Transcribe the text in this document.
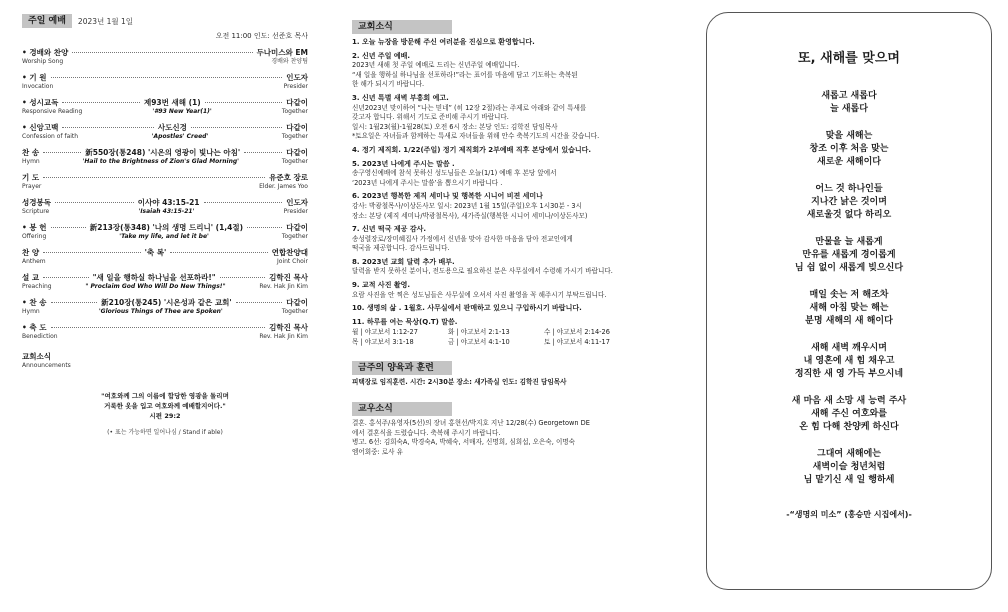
주일 예배	2023년 1월 1일
오전 11:00 인도: 선준호 목사
• 경배와 찬양	두나미스와 EM
Worship Song	경배와 찬양팀
• 기 원	인도자
Invocation	Presider
• 성시교독	제93번 새해 (1)	다같이
Responsive Reading	'#93 New Year(1)'	Together
• 신앙고백	사도신경	다같이
Confession of faith	'Apostles' Creed'	Together
찬 송	新550장(통248) '시온의 영광이 빛나는 아침'	다같이
Hymn	'Hail to the Brightness of Zion's Glad Morning'	Together
기 도	유준호 장로
Prayer	Elder. James Yoo
성경봉독	이사야 43:15-21	인도자
Scripture	'Isaiah 43:15-21'	Presider
• 봉 헌	新213장(통348) '나의 생명 드리니' (1,4절)	다같이
Offering	'Take my life, and let it be'	Together
찬 양	'축 복'	연합찬양대
Anthem	Joint Choir
설 교	"새 일을 행하실 하나님을 선포하라!"	김학진 목사
Preaching	" Proclaim God Who Will Do New Things!"	Rev. Hak Jin Kim
• 찬 송	新210장(통245) '시온성과 같은 교회'	다같이
Hymn	'Glorious Things of Thee are Spoken'	Together
• 축 도	김학진 목사
Benediction	Rev. Hak Jin Kim
교회소식
Announcements
"여호와께 그의 이름에 합당한 영광을 돌리며
거룩한 옷을 입고 여호와께 예배할지어다."
시편 29:2
(• 표는 가능하면 일어나심 / Stand if able)
교회소식
1. 오늘 뉴장을 방문해 주신 여러분을 진심으로 환영합니다.
2. 신년 주일 예배.

2023년 새해 첫 주일 예배로 드리는 신년주일 예배입니다.

“새 일을 행하실 하나님을 선포하라!”라는 표어를 마음에 담고 기도하는 축복된

한 해가 되시기 바랍니다.

3. 신년 특별 새벽 부흥회 예고.

신년2023년 맞이하여 “나는 믿네” (히 12장 2절)라는 주제로 아래와 같이 특새를

갖고자 합니다. 위해서 기도로 준비해 주시기 바랍니다.

일시: 1월23(월)-1월28(토) 오전 6시 장소: 본당 인도: 김학진 담임목사

*토요일은 자녀들과 함께하는 특새로 자녀들을 위해 안수 축복기도의 시간을 갖습니다.

4. 정기 제직회. 1/22(주일) 정기 제직회가 2부예배 직후 본당에서 있습니다.
5. 2023년 나에게 주시는 말씀 .

송구영신예배에 참석 못하신 성도님들은 오늘(1/1) 예배 후 본당 앞에서

‘2023년 나에게 주시는 말씀’을 뽑으시기 바랍니다 .

6. 2023년 행복한 제직 세미나 및 행복한 시니어 비젼 세미나

강사: 박광철목사/이상돈사모 일시: 2023년 1월 15일(주일)오후 1시30분 - 3시

장소: 본당 (제직 세미나/박광철목사), 새가족실(행복한 시니어 세미나/이상돈사모)

7. 신년 떡국 제공 감사.

송성렬장로/장미혜집사 가정에서 신년을 맞아 감사한 마음을 담아 전교인에게

떡국을 제공합니다. 감사드립니다.

8. 2023년 교회 달력 추가 배부.

달력을 받지 못하신 분이나, 전도용으로 필요하신 분은 사무실에서 수령해 가시기 바랍니다.

9. 교적 사진 촬영.

요람 사진을 안 찍은 성도님들은 사무실에 오셔서 사진 촬영을 꼭 해주시기 부탁드립니다.

10. 생명의 삶 . 1월호. 사무실에서 판매하고 있으니 구입하시기 바랍니다.
11. 하루를 여는 묵상(Q.T) 말씀.
월 | 야고보서 1:12-27	화 | 야고보서 2:1-13	수 | 야고보서 2:14-26
목 | 야고보서 3:1-18	금 | 야고보서 4:1-10	토 | 야고보서 4:11-17
금주의 양육과 훈련
피택장로 임직훈련. 시간: 2시30분 장소: 새가족실 인도: 김학진 담임목사
교우소식

결혼. 홍석주/유영자(5선)의 장녀 홍현선/박지호 지난 12/28(수) Georgetown DE

에서 결혼식을 드렸습니다. 축복해 주시기 바랍니다.

병고. 6선: 김희숙A, 박경숙A, 박혜숙, 서매자, 신명희, 심희섭, 오은숙, 이명숙

엠어회중: 로사 유

또, 새해를 맞으며
새롭고 새롭다
늘 새롭다
맞을 새해는
창조 이후 처음 맞는
새로운 새해이다
어느 것 하나인들
지나간 낡은 것이며
새로울것 없다 하리오
만물을 늘 새롭게
만유를 새롭게 경이롭게
님 쉼 없이 새롭게 빚으신다
매일 솟는 저 해조차
새해 아침 맞는 해는
분명 새해의 새 해이다
새해 새벽 깨우시며
내 영혼에 새 힘 채우고
정직한 새 영 가득 부으시네
새 마음 새 소망 새 능력 주사
새해 주신 여호와를
온 힘 다해 찬양케 하신다
그대여 새해에는
새벽이슬 청년처럼
님 맡기신 새 일 행하세
-“생명의 미소” (홍승만 시집에서)-
